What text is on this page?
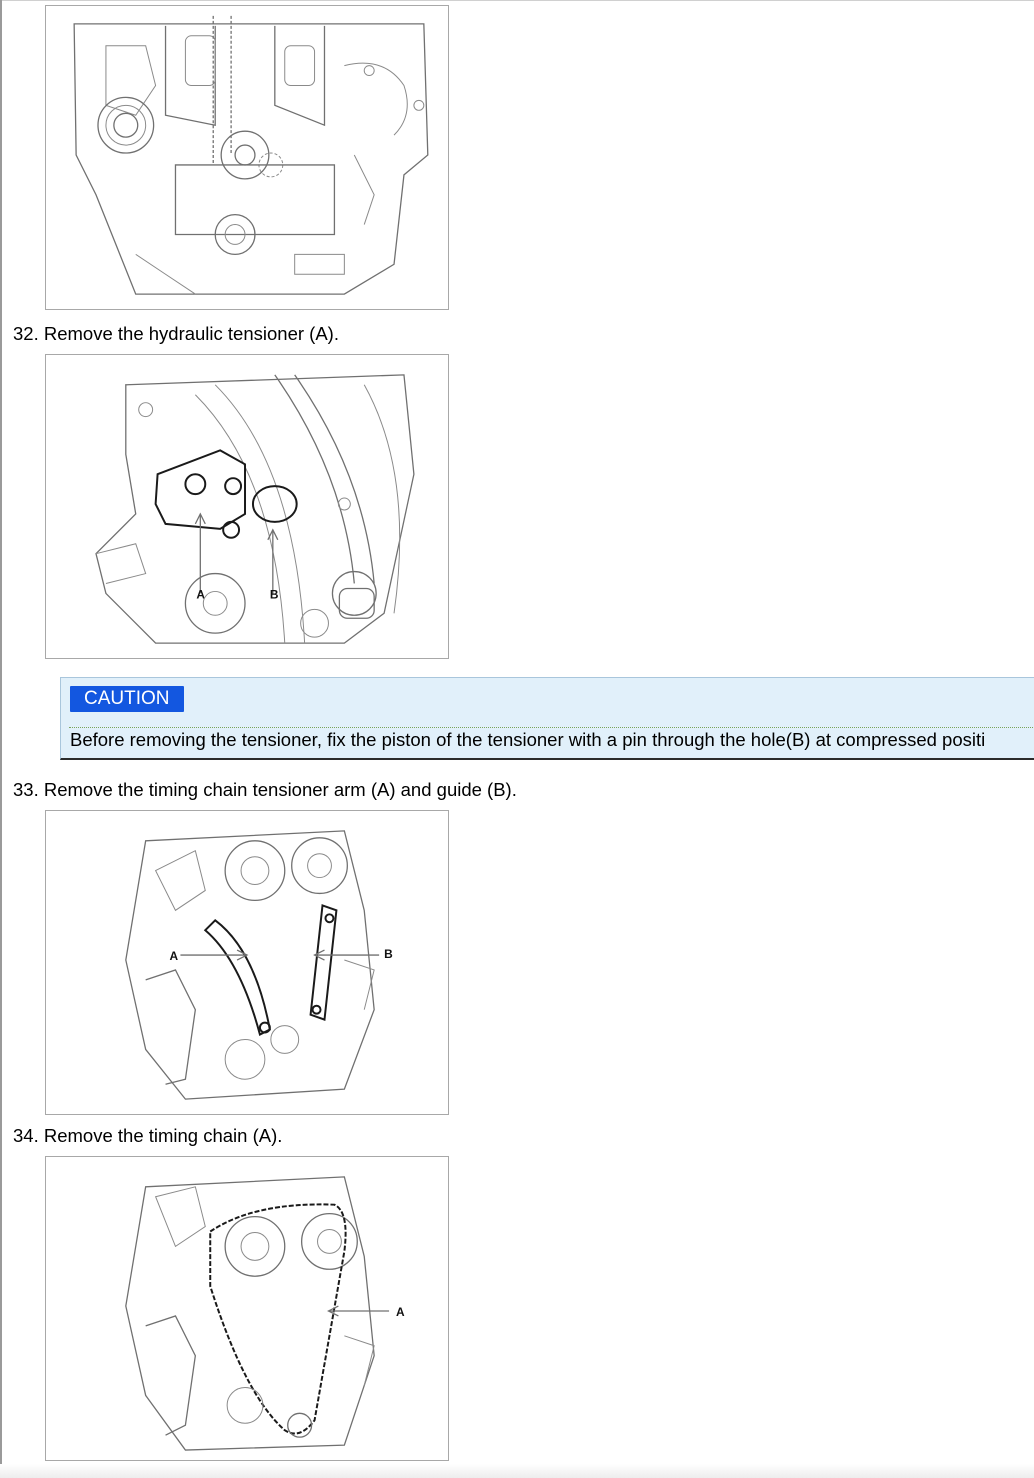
32. Remove the hydraulic tensioner (A).
A	B
CAUTION
Before removing the tensioner, fix the piston of the tensioner with a pin through the hole(B) at compressed positi
33. Remove the timing chain tensioner arm (A) and guide (B).
A	B
34. Remove the timing chain (A).
A
